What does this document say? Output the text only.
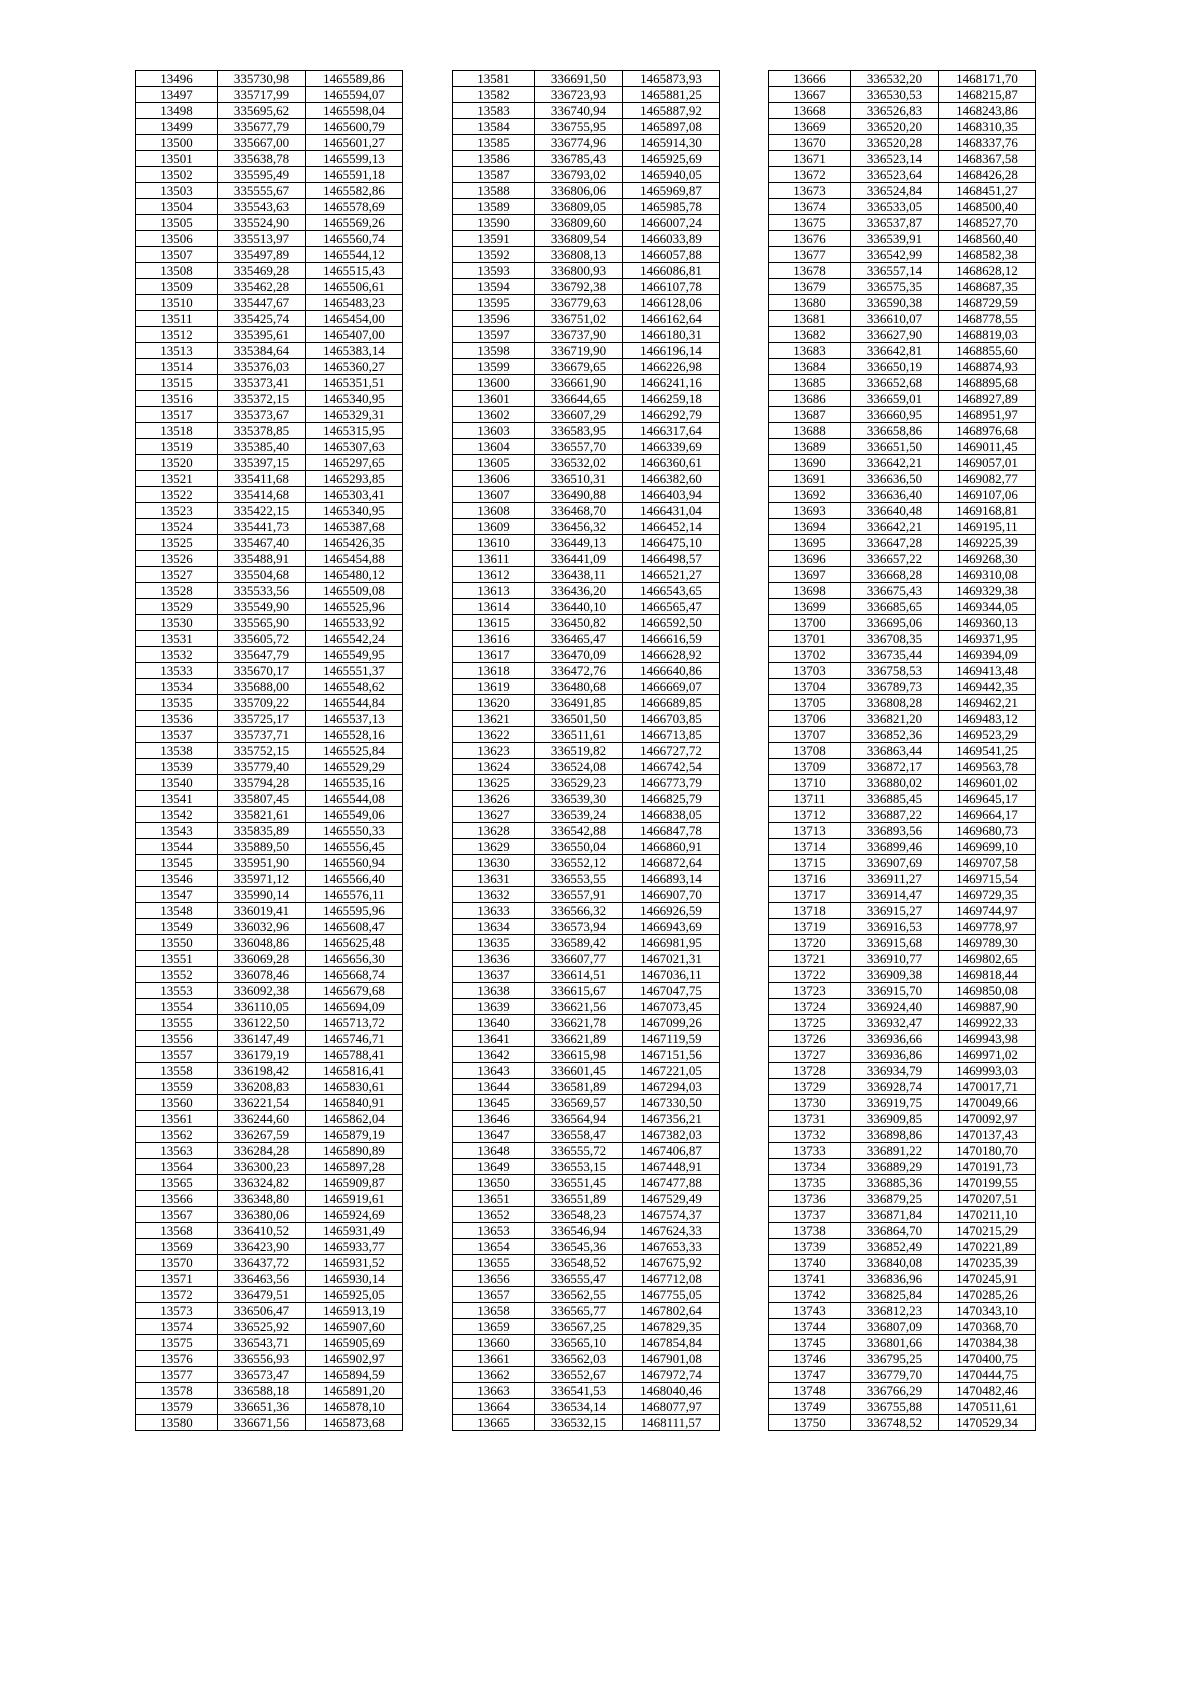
13496	335730,98	1465589,86
13497	335717,99	1465594,07
13498	335695,62	1465598,04
13499	335677,79	1465600,79
13500	335667,00	1465601,27
13501	335638,78	1465599,13
13502	335595,49	1465591,18
13503	335555,67	1465582,86
13504	335543,63	1465578,69
13505	335524,90	1465569,26
13506	335513,97	1465560,74
13507	335497,89	1465544,12
13508	335469,28	1465515,43
13509	335462,28	1465506,61
13510	335447,67	1465483,23
13511	335425,74	1465454,00
13512	335395,61	1465407,00
13513	335384,64	1465383,14
13514	335376,03	1465360,27
13515	335373,41	1465351,51
13516	335372,15	1465340,95
13517	335373,67	1465329,31
13518	335378,85	1465315,95
13519	335385,40	1465307,63
13520	335397,15	1465297,65
13521	335411,68	1465293,85
13522	335414,68	1465303,41
13523	335422,15	1465340,95
13524	335441,73	1465387,68
13525	335467,40	1465426,35
13526	335488,91	1465454,88
13527	335504,68	1465480,12
13528	335533,56	1465509,08
13529	335549,90	1465525,96
13530	335565,90	1465533,92
13531	335605,72	1465542,24
13532	335647,79	1465549,95
13533	335670,17	1465551,37
13534	335688,00	1465548,62
13535	335709,22	1465544,84
13536	335725,17	1465537,13
13537	335737,71	1465528,16
13538	335752,15	1465525,84
13539	335779,40	1465529,29
13540	335794,28	1465535,16
13541	335807,45	1465544,08
13542	335821,61	1465549,06
13543	335835,89	1465550,33
13544	335889,50	1465556,45
13545	335951,90	1465560,94
13546	335971,12	1465566,40
13547	335990,14	1465576,11
13548	336019,41	1465595,96
13549	336032,96	1465608,47
13550	336048,86	1465625,48
13551	336069,28	1465656,30
13552	336078,46	1465668,74
13553	336092,38	1465679,68
13554	336110,05	1465694,09
13555	336122,50	1465713,72
13556	336147,49	1465746,71
13557	336179,19	1465788,41
13558	336198,42	1465816,41
13559	336208,83	1465830,61
13560	336221,54	1465840,91
13561	336244,60	1465862,04
13562	336267,59	1465879,19
13563	336284,28	1465890,89
13564	336300,23	1465897,28
13565	336324,82	1465909,87
13566	336348,80	1465919,61
13567	336380,06	1465924,69
13568	336410,52	1465931,49
13569	336423,90	1465933,77
13570	336437,72	1465931,52
13571	336463,56	1465930,14
13572	336479,51	1465925,05
13573	336506,47	1465913,19
13574	336525,92	1465907,60
13575	336543,71	1465905,69
13576	336556,93	1465902,97
13577	336573,47	1465894,59
13578	336588,18	1465891,20
13579	336651,36	1465878,10
13580	336671,56	1465873,68
13581	336691,50	1465873,93
13582	336723,93	1465881,25
13583	336740,94	1465887,92
13584	336755,95	1465897,08
13585	336774,96	1465914,30
13586	336785,43	1465925,69
13587	336793,02	1465940,05
13588	336806,06	1465969,87
13589	336809,05	1465985,78
13590	336809,60	1466007,24
13591	336809,54	1466033,89
13592	336808,13	1466057,88
13593	336800,93	1466086,81
13594	336792,38	1466107,78
13595	336779,63	1466128,06
13596	336751,02	1466162,64
13597	336737,90	1466180,31
13598	336719,90	1466196,14
13599	336679,65	1466226,98
13600	336661,90	1466241,16
13601	336644,65	1466259,18
13602	336607,29	1466292,79
13603	336583,95	1466317,64
13604	336557,70	1466339,69
13605	336532,02	1466360,61
13606	336510,31	1466382,60
13607	336490,88	1466403,94
13608	336468,70	1466431,04
13609	336456,32	1466452,14
13610	336449,13	1466475,10
13611	336441,09	1466498,57
13612	336438,11	1466521,27
13613	336436,20	1466543,65
13614	336440,10	1466565,47
13615	336450,82	1466592,50
13616	336465,47	1466616,59
13617	336470,09	1466628,92
13618	336472,76	1466640,86
13619	336480,68	1466669,07
13620	336491,85	1466689,85
13621	336501,50	1466703,85
13622	336511,61	1466713,85
13623	336519,82	1466727,72
13624	336524,08	1466742,54
13625	336529,23	1466773,79
13626	336539,30	1466825,79
13627	336539,24	1466838,05
13628	336542,88	1466847,78
13629	336550,04	1466860,91
13630	336552,12	1466872,64
13631	336553,55	1466893,14
13632	336557,91	1466907,70
13633	336566,32	1466926,59
13634	336573,94	1466943,69
13635	336589,42	1466981,95
13636	336607,77	1467021,31
13637	336614,51	1467036,11
13638	336615,67	1467047,75
13639	336621,56	1467073,45
13640	336621,78	1467099,26
13641	336621,89	1467119,59
13642	336615,98	1467151,56
13643	336601,45	1467221,05
13644	336581,89	1467294,03
13645	336569,57	1467330,50
13646	336564,94	1467356,21
13647	336558,47	1467382,03
13648	336555,72	1467406,87
13649	336553,15	1467448,91
13650	336551,45	1467477,88
13651	336551,89	1467529,49
13652	336548,23	1467574,37
13653	336546,94	1467624,33
13654	336545,36	1467653,33
13655	336548,52	1467675,92
13656	336555,47	1467712,08
13657	336562,55	1467755,05
13658	336565,77	1467802,64
13659	336567,25	1467829,35
13660	336565,10	1467854,84
13661	336562,03	1467901,08
13662	336552,67	1467972,74
13663	336541,53	1468040,46
13664	336534,14	1468077,97
13665	336532,15	1468111,57
13666	336532,20	1468171,70
13667	336530,53	1468215,87
13668	336526,83	1468243,86
13669	336520,20	1468310,35
13670	336520,28	1468337,76
13671	336523,14	1468367,58
13672	336523,64	1468426,28
13673	336524,84	1468451,27
13674	336533,05	1468500,40
13675	336537,87	1468527,70
13676	336539,91	1468560,40
13677	336542,99	1468582,38
13678	336557,14	1468628,12
13679	336575,35	1468687,35
13680	336590,38	1468729,59
13681	336610,07	1468778,55
13682	336627,90	1468819,03
13683	336642,81	1468855,60
13684	336650,19	1468874,93
13685	336652,68	1468895,68
13686	336659,01	1468927,89
13687	336660,95	1468951,97
13688	336658,86	1468976,68
13689	336651,50	1469011,45
13690	336642,21	1469057,01
13691	336636,50	1469082,77
13692	336636,40	1469107,06
13693	336640,48	1469168,81
13694	336642,21	1469195,11
13695	336647,28	1469225,39
13696	336657,22	1469268,30
13697	336668,28	1469310,08
13698	336675,43	1469329,38
13699	336685,65	1469344,05
13700	336695,06	1469360,13
13701	336708,35	1469371,95
13702	336735,44	1469394,09
13703	336758,53	1469413,48
13704	336789,73	1469442,35
13705	336808,28	1469462,21
13706	336821,20	1469483,12
13707	336852,36	1469523,29
13708	336863,44	1469541,25
13709	336872,17	1469563,78
13710	336880,02	1469601,02
13711	336885,45	1469645,17
13712	336887,22	1469664,17
13713	336893,56	1469680,73
13714	336899,46	1469699,10
13715	336907,69	1469707,58
13716	336911,27	1469715,54
13717	336914,47	1469729,35
13718	336915,27	1469744,97
13719	336916,53	1469778,97
13720	336915,68	1469789,30
13721	336910,77	1469802,65
13722	336909,38	1469818,44
13723	336915,70	1469850,08
13724	336924,40	1469887,90
13725	336932,47	1469922,33
13726	336936,66	1469943,98
13727	336936,86	1469971,02
13728	336934,79	1469993,03
13729	336928,74	1470017,71
13730	336919,75	1470049,66
13731	336909,85	1470092,97
13732	336898,86	1470137,43
13733	336891,22	1470180,70
13734	336889,29	1470191,73
13735	336885,36	1470199,55
13736	336879,25	1470207,51
13737	336871,84	1470211,10
13738	336864,70	1470215,29
13739	336852,49	1470221,89
13740	336840,08	1470235,39
13741	336836,96	1470245,91
13742	336825,84	1470285,26
13743	336812,23	1470343,10
13744	336807,09	1470368,70
13745	336801,66	1470384,38
13746	336795,25	1470400,75
13747	336779,70	1470444,75
13748	336766,29	1470482,46
13749	336755,88	1470511,61
13750	336748,52	1470529,34
